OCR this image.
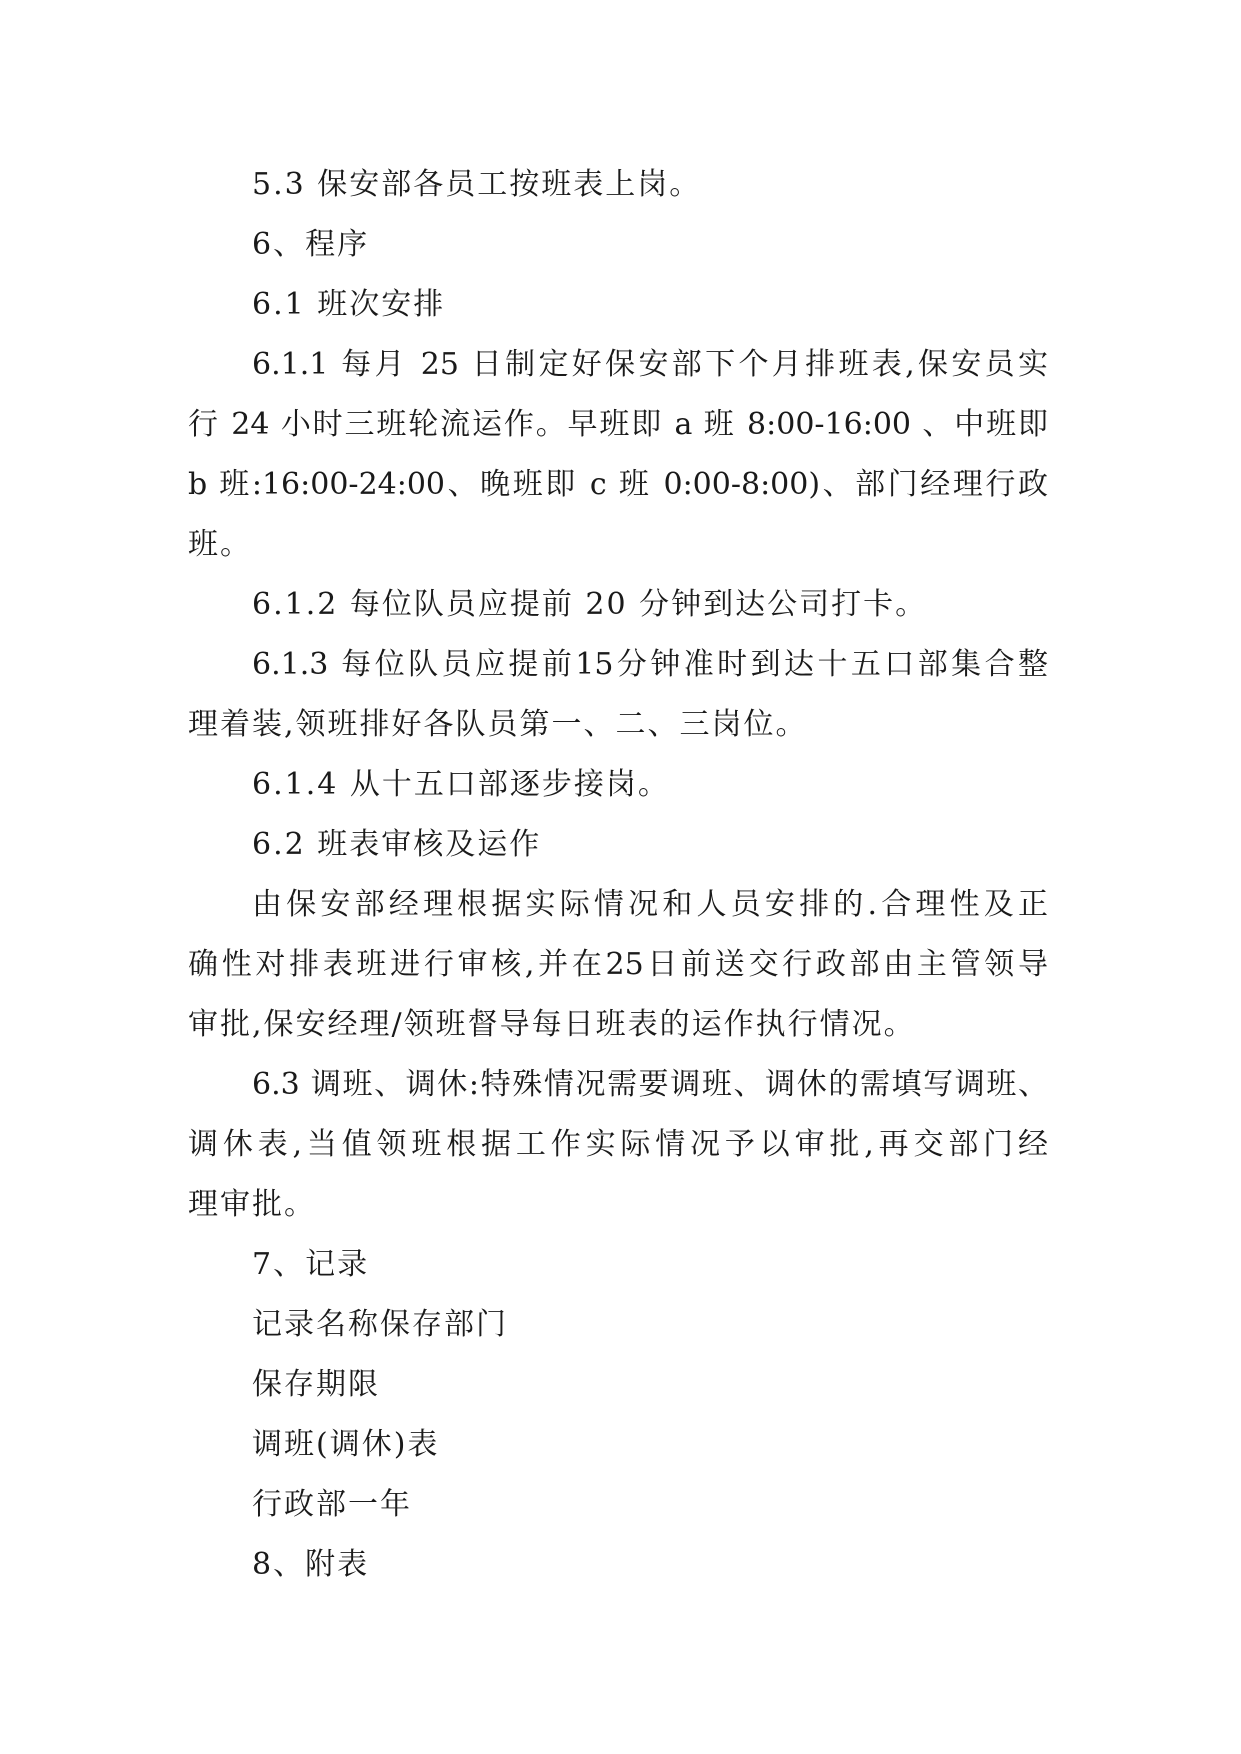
5.3 保安部各员工按班表上岗。
6、程序
6.1 班次安排
6.1.1 每月 25 日制定好保安部下个月排班表,保安员实
行 24 小时三班轮流运作。早班即 a 班 8:00-16:00 、中班即
b 班:16:00-24:00、晚班即 c 班 0:00-8:00)、部门经理行政
班。
6.1.2 每位队员应提前 20 分钟到达公司打卡。
6.1.3 每位队员应提前15分钟准时到达十五口部集合整
理着装,领班排好各队员第一、二、三岗位。
6.1.4 从十五口部逐步接岗。
6.2 班表审核及运作
由保安部经理根据实际情况和人员安排的.合理性及正
确性对排表班进行审核,并在25日前送交行政部由主管领导
审批,保安经理/领班督导每日班表的运作执行情况。
6.3 调班、调休:特殊情况需要调班、调休的需填写调班、
调休表,当值领班根据工作实际情况予以审批,再交部门经
理审批。
7、记录
记录名称保存部门
保存期限
调班(调休)表
行政部一年
8、附表
